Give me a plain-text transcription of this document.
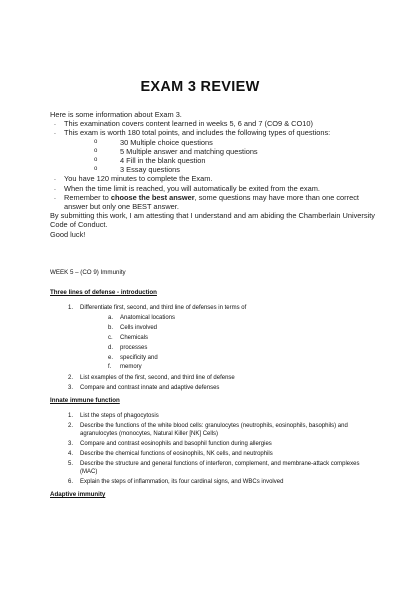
EXAM 3 REVIEW

Here is some information about Exam 3.

.	This examination covers content learned in weeks 5, 6 and 7 (CO9 & CO10)
.	This exam is worth 180 total points, and includes the following types of questions:
o	30 Multiple choice questions
o	5 Multiple answer and matching questions
o	4 Fill in the blank question
o	3 Essay questions
.	You have 120 minutes to complete the Exam.
.	When the time limit is reached, you will automatically be exited from the exam.
.	Remember to choose the best answer, some questions may have more than one correct answer but only one BEST answer.

By submitting this work, I am attesting that I understand and am abiding the Chamberlain University Code of Conduct.

Good luck!

WEEK 5 – (CO 9) Immunity
Three lines of defense - introduction
1.	Differentiate first, second, and third line of defenses in terms of
a.	Anatomical locations
b.	Cells involved
c.	Chemicals
d.	processes
e.	specificity and
f.	memory
2.	List examples of the first, second, and third line of defense
3.	Compare and contrast innate and adaptive defenses
Innate immune function
1.	List the steps of phagocytosis
2.	Describe the functions of the white blood cells: granulocytes (neutrophils, eosinophils, basophils) and agranulocytes (monocytes, Natural Killer [NK] Cells)
3.	Compare and contrast eosinophils and basophil function during allergies
4.	Describe the chemical functions of eosinophils, NK cells, and neutrophils
5.	Describe the structure and general functions of interferon, complement, and membrane-attack complexes (MAC)
6.	Explain the steps of inflammation, its four cardinal signs, and WBCs involved
Adaptive immunity
